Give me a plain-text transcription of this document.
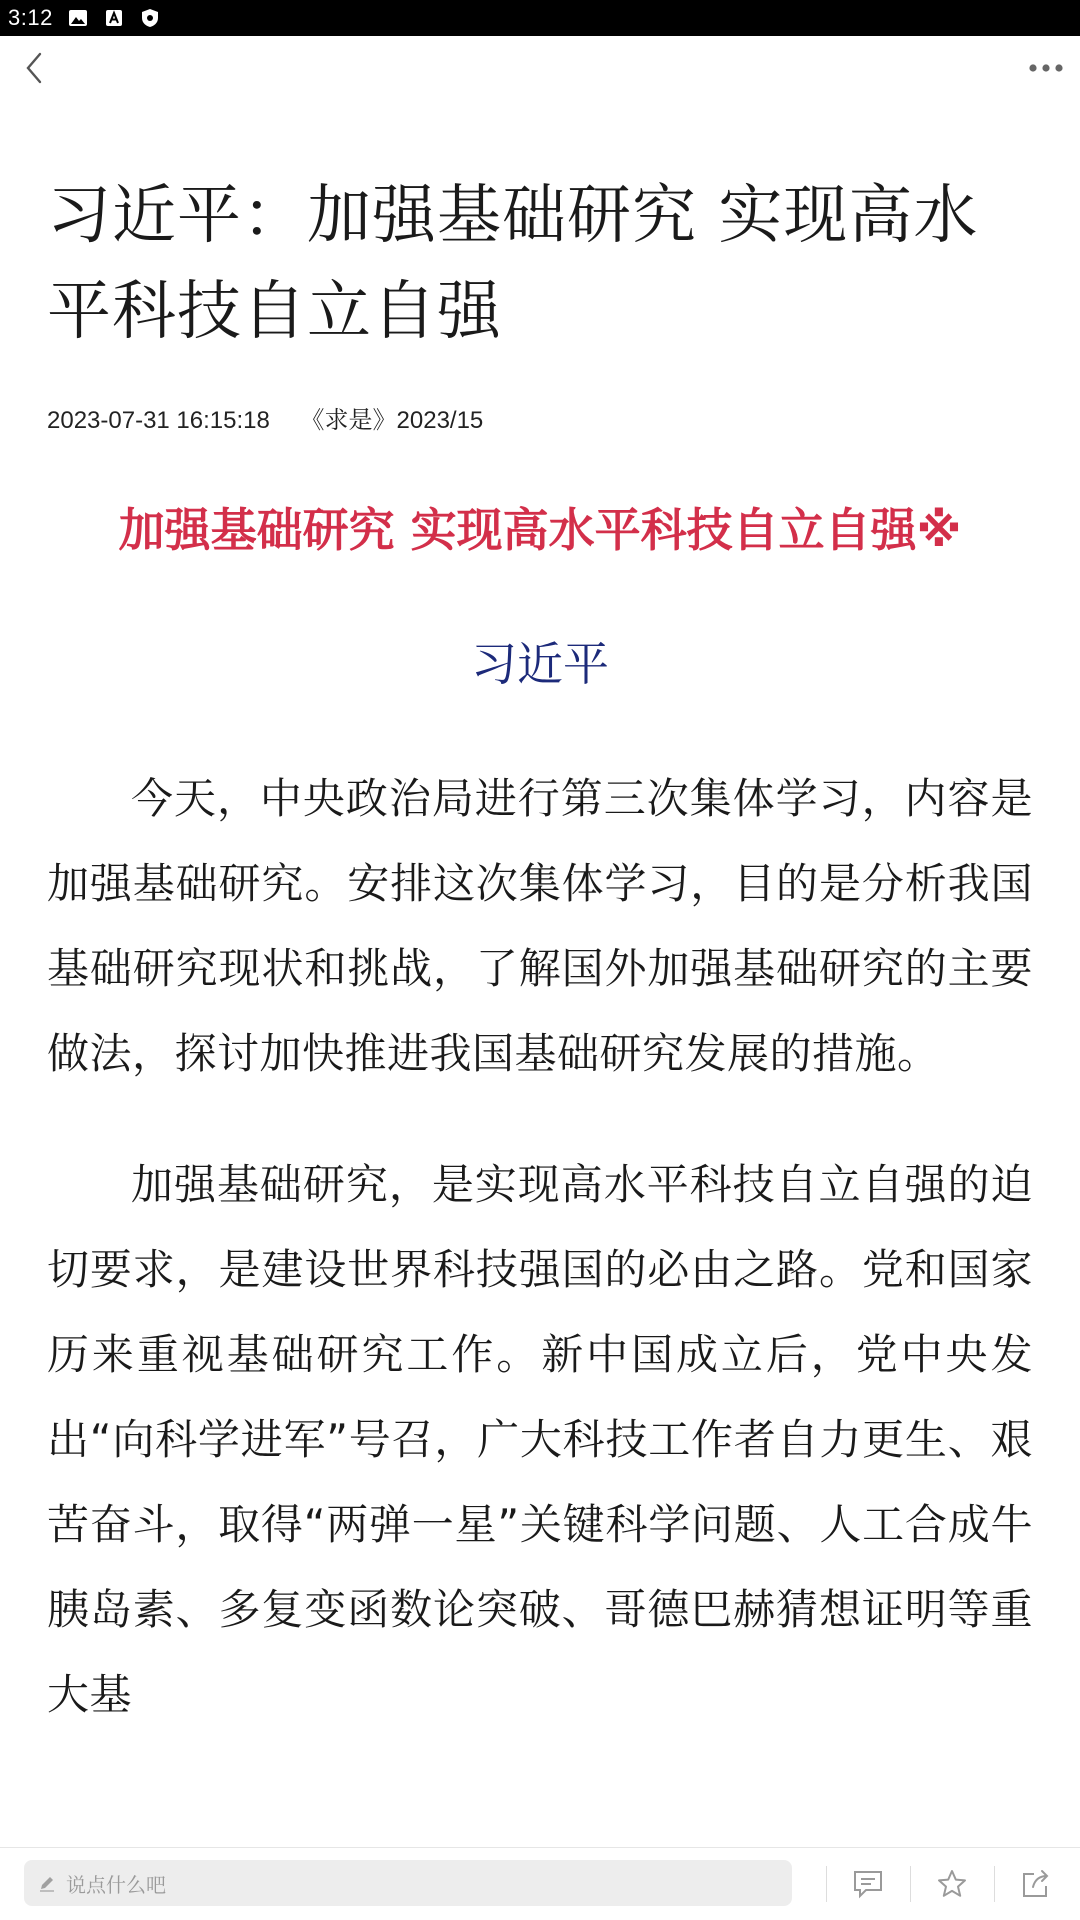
3:12
习近平：加强基础研究 实现高水平科技自立自强
2023-07-31 16:15:18 《求是》2023/15
加强基础研究 实现高水平科技自立自强※
习近平

今天，中央政治局进行第三次集体学习，内容是加强基础研究。安排这次集体学习，目的是分析我国基础研究现状和挑战，了解国外加强基础研究的主要做法，探讨加快推进我国基础研究发展的措施。

加强基础研究，是实现高水平科技自立自强的迫切要求，是建设世界科技强国的必由之路。党和国家历来重视基础研究工作。新中国成立后，党中央发出“向科学进军”号召，广大科技工作者自力更生、艰苦奋斗，取得“两弹一星”关键科学问题、人工合成牛胰岛素、多复变函数论突破、哥德巴赫猜想证明等重大基

说点什么吧
